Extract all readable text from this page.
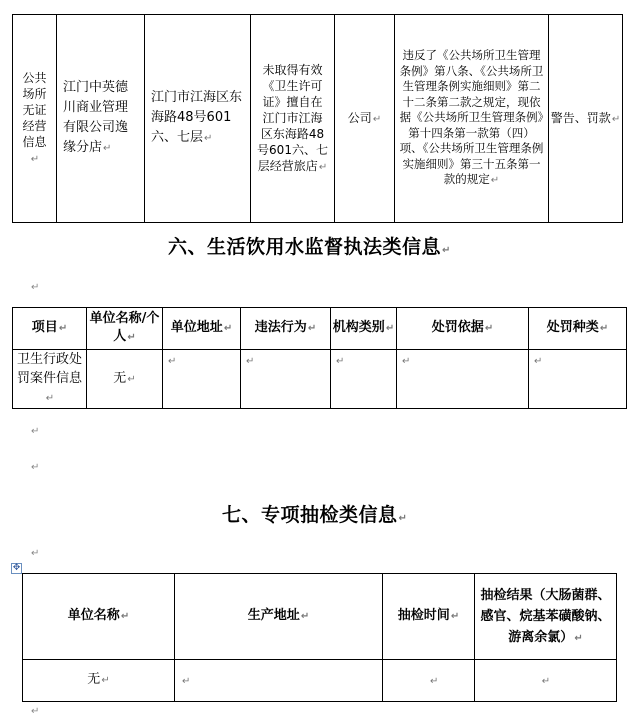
公共场所无证经营信息↵	江门中英德川商业管理有限公司逸缘分店↵	江门市江海区东海路48号601六、七层↵	未取得有效《卫生许可证》擅自在江门市江海区东海路48号601六、七层经营旅店↵	公司↵	违反了《公共场所卫生管理条例》第八条、《公共场所卫生管理条例实施细则》第二十二条第二款之规定，现依据《公共场所卫生管理条例》第十四条第一款第（四）项、《公共场所卫生管理条例实施细则》第三十五条第一款的规定↵	警告、罚款↵
六、生活饮用水监督执法类信息↵
↵
项目↵	单位名称/个人↵	单位地址↵	违法行为↵	机构类别↵	处罚依据↵	处罚种类↵
卫生行政处罚案件信息↵	无↵	↵	↵	↵	↵	↵
↵
↵
七、专项抽检类信息↵
↵
✥
单位名称↵	生产地址↵	抽检时间↵	抽检结果（大肠菌群、感官、烷基苯磺酸钠、游离余氯）↵
无↵	↵	↵	↵
↵
